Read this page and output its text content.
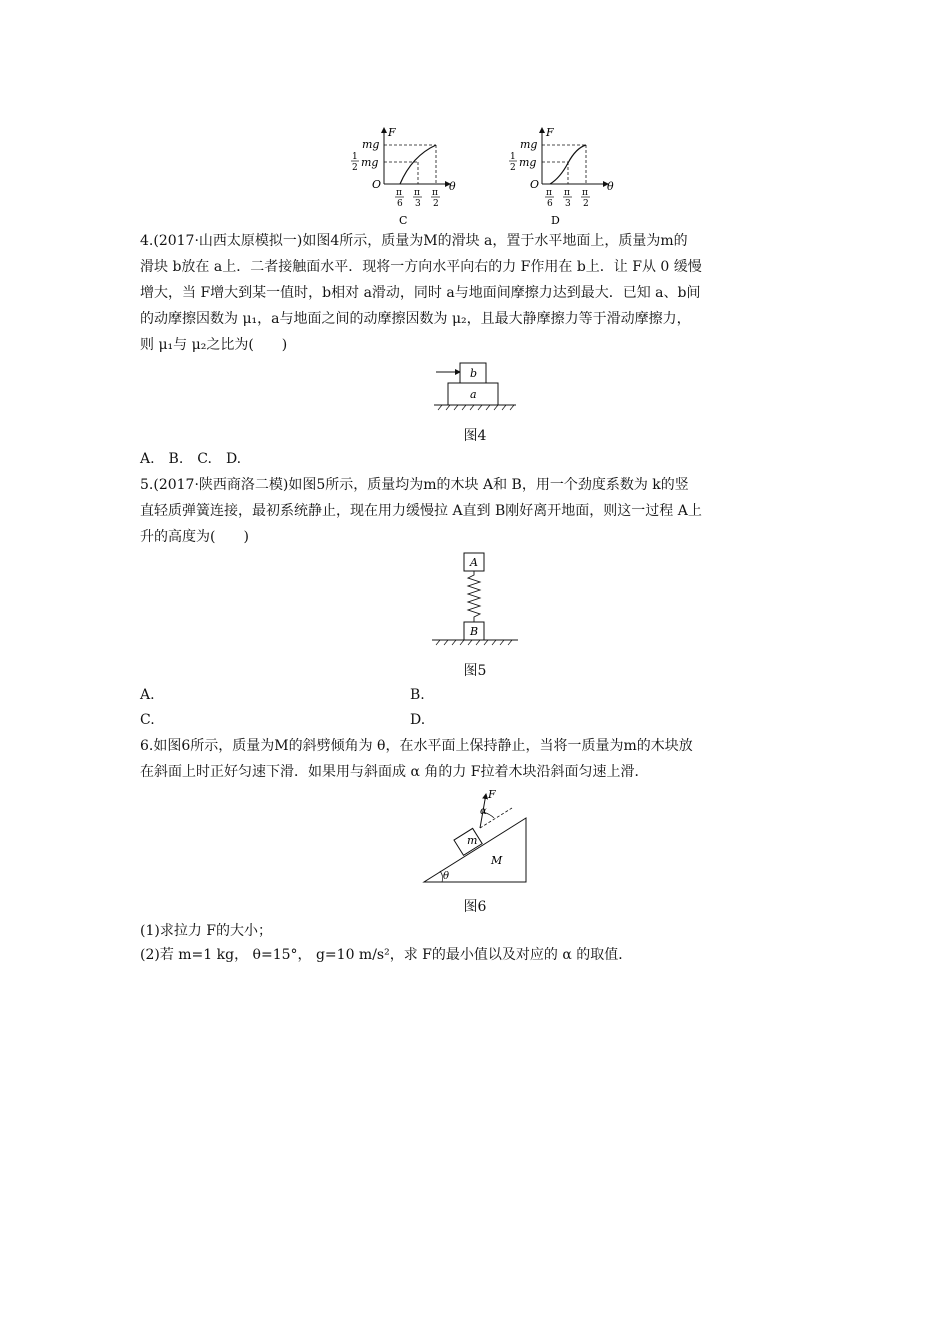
F
θ
O
mg
1
2 mg
π
6
π
3
π
2
C
F
θ
O
mg
1
2 mg
π
6
π
3
π
2
D
4.(2017·山西太原模拟一)如图4所示，质量为M的滑块 a，置于水平地面上，质量为m的
滑块 b放在 a上．二者接触面水平．现将一方向水平向右的力 F作用在 b上．让 F从 0 缓慢
增大，当 F增大到某一值时，b相对 a滑动，同时 a与地面间摩擦力达到最大．已知 a、b间
的动摩擦因数为 μ₁，a与地面之间的动摩擦因数为 μ₂，且最大静摩擦力等于滑动摩擦力，
则 μ₁与 μ₂之比为(　　)
b
a
图4
A.　B.　C.　D.
5.(2017·陕西商洛二模)如图5所示，质量均为m的木块 A和 B，用一个劲度系数为 k的竖
直轻质弹簧连接，最初系统静止，现在用力缓慢拉 A直到 B刚好离开地面，则这一过程 A上
升的高度为(　　)
A
B
图5
A.	B.
C.	D.
6.如图6所示，质量为M的斜劈倾角为 θ，在水平面上保持静止，当将一质量为m的木块放
在斜面上时正好匀速下滑．如果用与斜面成 α 角的力 F拉着木块沿斜面匀速上滑．
F
α
m
M
θ
图6
(1)求拉力 F的大小；
(2)若 m=1 kg， θ=15°， g=10 m/s²，求 F的最小值以及对应的 α 的取值．
